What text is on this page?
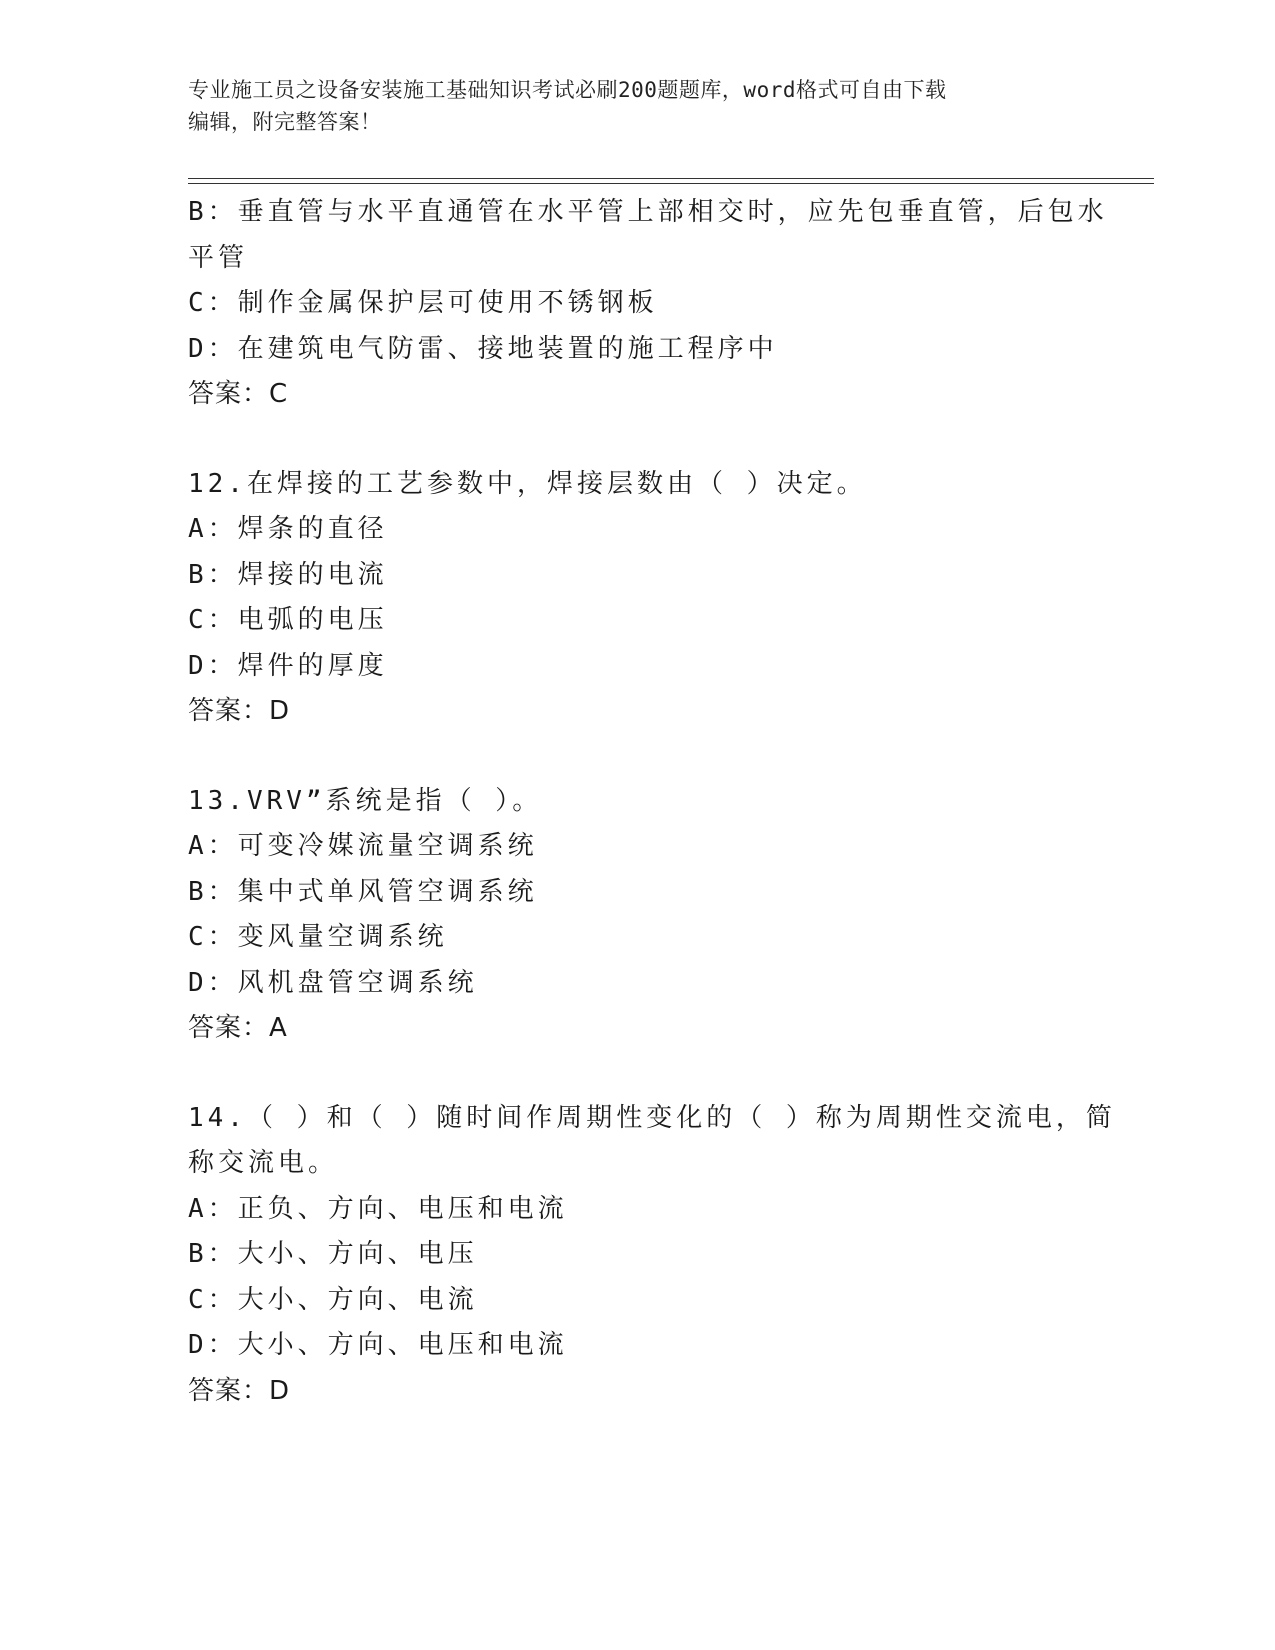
专业施工员之设备安装施工基础知识考试必刷200题题库，word格式可自由下载
编辑，附完整答案！
B：垂直管与水平直通管在水平管上部相交时，应先包垂直管，后包水
平管
C：制作金属保护层可使用不锈钢板
D：在建筑电气防雷、接地装置的施工程序中
答案：C
12.在焊接的工艺参数中，焊接层数由（ ）决定。
A：焊条的直径
B：焊接的电流
C：电弧的电压
D：焊件的厚度
答案：D
13.VRV”系统是指（ ）。
A：可变冷媒流量空调系统
B：集中式单风管空调系统
C：变风量空调系统
D：风机盘管空调系统
答案：A
14.（ ）和（ ）随时间作周期性变化的（ ）称为周期性交流电，简
称交流电。
A：正负、方向、电压和电流
B：大小、方向、电压
C：大小、方向、电流
D：大小、方向、电压和电流
答案：D
